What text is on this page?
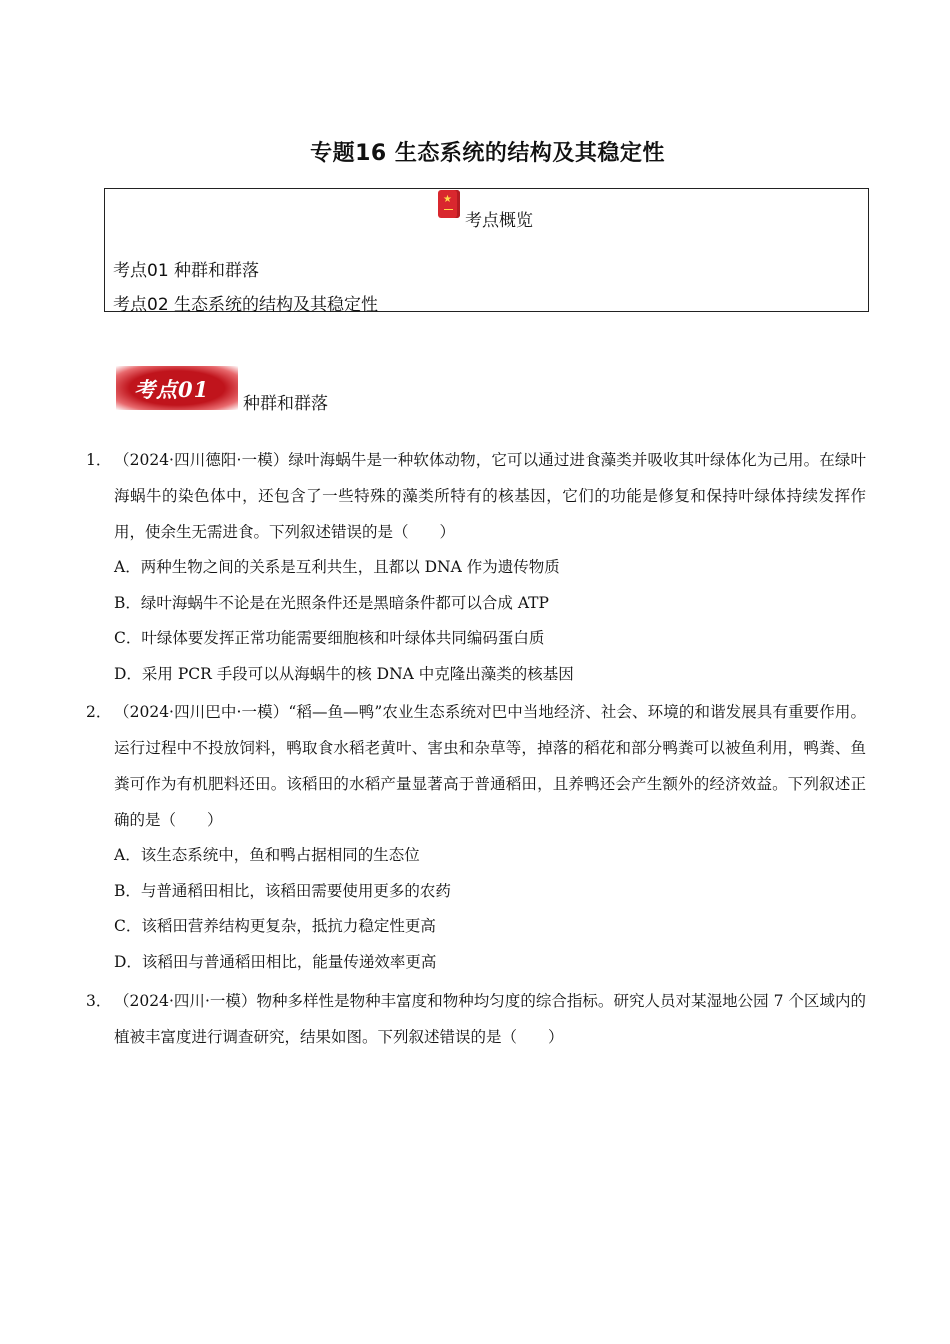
专题16 生态系统的结构及其稳定性
★
考点概览
考点01 种群和群落
考点02 生态系统的结构及其稳定性
考点01
种群和群落
1． （2024·四川德阳·一模）绿叶海蜗牛是一种软体动物，它可以通过进食藻类并吸收其叶绿体化为己用。在绿叶海蜗牛的染色体中，还包含了一些特殊的藻类所特有的核基因，它们的功能是修复和保持叶绿体持续发挥作用，使余生无需进食。下列叙述错误的是（　　）
A．两种生物之间的关系是互利共生，且都以 DNA 作为遗传物质
B．绿叶海蜗牛不论是在光照条件还是黑暗条件都可以合成 ATP
C．叶绿体要发挥正常功能需要细胞核和叶绿体共同编码蛋白质
D．采用 PCR 手段可以从海蜗牛的核 DNA 中克隆出藻类的核基因
2． （2024·四川巴中·一模）“稻—鱼—鸭”农业生态系统对巴中当地经济、社会、环境的和谐发展具有重要作用。运行过程中不投放饲料，鸭取食水稻老黄叶、害虫和杂草等，掉落的稻花和部分鸭粪可以被鱼利用，鸭粪、鱼粪可作为有机肥料还田。该稻田的水稻产量显著高于普通稻田，且养鸭还会产生额外的经济效益。下列叙述正确的是（　　）
A．该生态系统中，鱼和鸭占据相同的生态位
B．与普通稻田相比，该稻田需要使用更多的农药
C．该稻田营养结构更复杂，抵抗力稳定性更高
D．该稻田与普通稻田相比，能量传递效率更高
3． （2024·四川·一模）物种多样性是物种丰富度和物种均匀度的综合指标。研究人员对某湿地公园 7 个区域内的植被丰富度进行调查研究，结果如图。下列叙述错误的是（　　）
